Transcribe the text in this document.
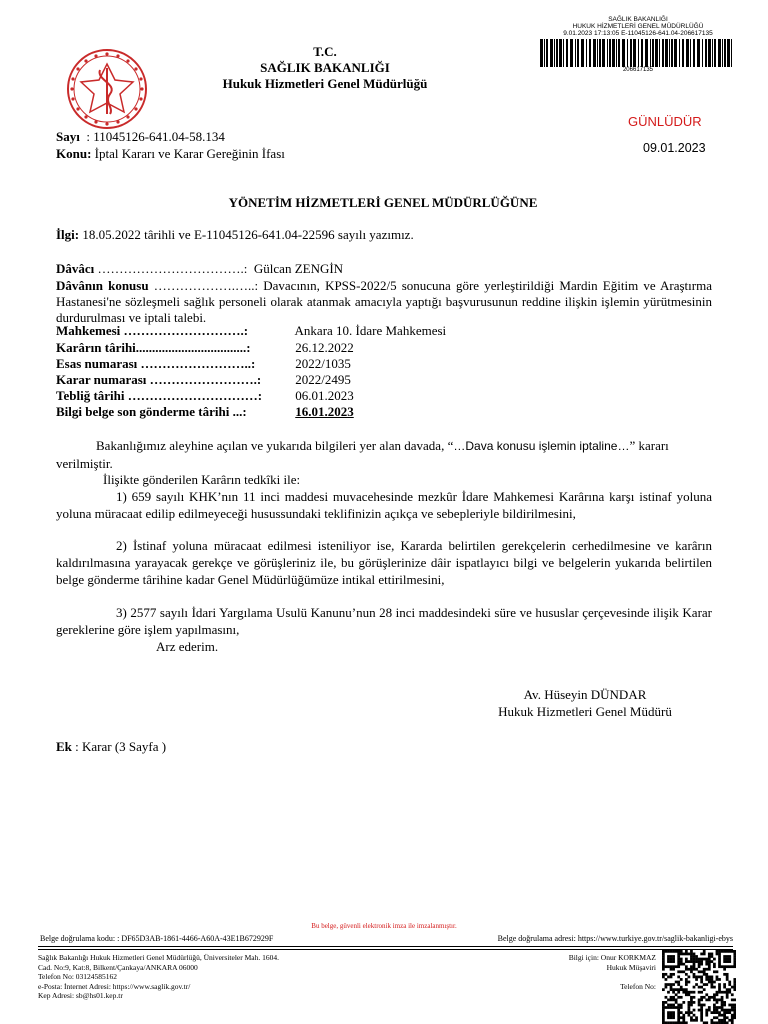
T.C.
SAĞLIK BAKANLIĞI
Hukuk Hizmetleri Genel Müdürlüğü
SAĞLIK BAKANLIĞI
HUKUK HİZMETLERİ GENEL MÜDÜRLÜĞÜ
9.01.2023 17:13:05 E-11045126-641.04-206617135
206617135
GÜNLÜDÜR
09.01.2023
Sayı : 11045126-641.04-58.134
Konu: İptal Kararı ve Karar Gereğinin İfası
YÖNETİM HİZMETLERİ GENEL MÜDÜRLÜĞÜNE
İlgi: 18.05.2022 târihli ve E-11045126-641.04-22596 sayılı yazımız.
Dâvâcı …………………………….: Gülcan ZENGİN
Dâvânın konusu ……………….…..: Davacının, KPSS-2022/5 sonucuna göre yerleştirildiği Mardin Eğitim ve Araştırma Hastanesi'ne sözleşmeli sağlık personeli olarak atanmak amacıyla yaptığı başvurusunun reddine ilişkin işlemin yürütmesinin durdurulması ve iptali talebi.
Mahkemesi ……………………….:	Ankara 10. İdare Mahkemesi
Karârın târihi..................................:	26.12.2022
Esas numarası ……………………..:	2022/1035
Karar numarası …………………….:	2022/2495
Tebliğ târihi …………………………:	06.01.2023
Bilgi belge son gönderme târihi ...:	16.01.2023
Bakanlığımız aleyhine açılan ve yukarıda bilgileri yer alan davada, “…Dava konusu işlemin iptaline…” kararı verilmiştir.
İlişikte gönderilen Karârın tedkîki ile:
1) 659 sayılı KHK’nın 11 inci maddesi muvacehesinde mezkûr İdare Mahkemesi Karârına karşı istinaf yoluna yoluna müracaat edilip edilmeyeceği husussundaki teklifinizin açıkça ve sebepleriyle bildirilmesini,
2) İstinaf yoluna müracaat edilmesi isteniliyor ise, Kararda belirtilen gerekçelerin cerhedilmesine ve karârın kaldırılmasına yarayacak gerekçe ve görüşleriniz ile, bu görüşlerinize dâir ispatlayıcı bilgi ve belgelerin yukarıda belirtilen belge gönderme târihine kadar Genel Müdürlüğümüze intikal ettirilmesini,
3) 2577 sayılı İdari Yargılama Usulü Kanunu’nun 28 inci maddesindeki süre ve hususlar çerçevesinde ilişik Karar gereklerine göre işlem yapılmasını,
Arz ederim.
Av. Hüseyin DÜNDAR
Hukuk Hizmetleri Genel Müdürü
Ek : Karar (3 Sayfa )
Bu belge, güvenli elektronik imza ile imzalanmıştır.
Belge doğrulama kodu: : DF65D3AB-1861-4466-A60A-43E1B672929F	Belge doğrulama adresi: https://www.turkiye.gov.tr/saglik-bakanligi-ebys
Sağlık Bakanlığı Hukuk Hizmetleri Genel Müdürlüğü, Üniversiteler Mah. 1604.
Cad. No:9, Kat:8, Bilkent/Çankaya/ANKARA 06000
Telefon No: 03124585162
e-Posta: İnternet Adresi: https://www.saglik.gov.tr/
Kep Adresi: sb@hs01.kep.tr
Bilgi için: Onur KORKMAZ
Hukuk Müşaviri
Telefon No:
